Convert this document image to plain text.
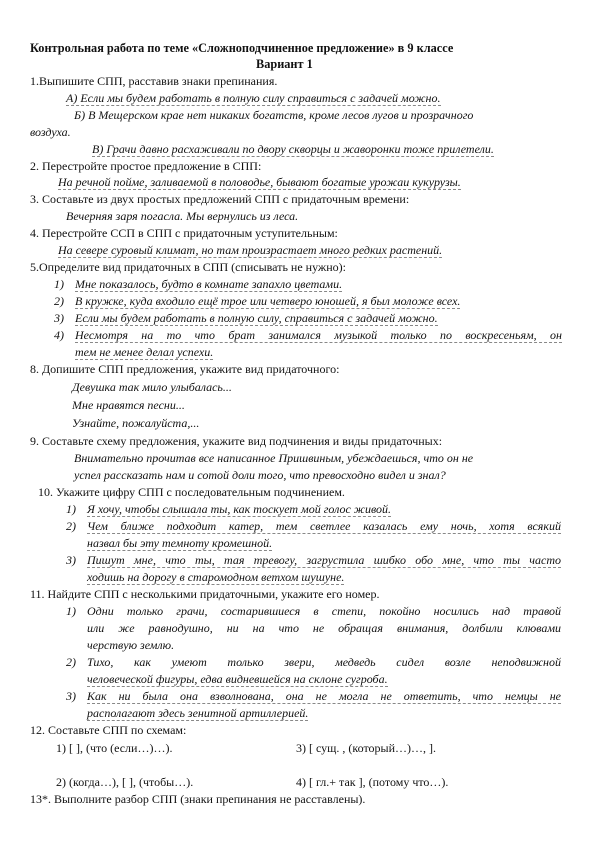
Контрольная работа по теме «Сложноподчиненное предложение» в 9 классе
Вариант 1
1.Выпишите СПП, расставив знаки препинания.
А) Если мы будем работать в полную силу справиться с задачей можно.
Б) В Мещерском крае нет никаких богатств, кроме лесов лугов и прозрачного
воздуха.
В) Грачи давно расхаживали по двору скворцы и жаворонки тоже прилетели.
2. Перестройте простое предложение в СПП:
На речной пойме, заливаемой в половодье, бывают богатые урожаи кукурузы.
3. Составьте из двух простых предложений СПП с придаточным времени:
Вечерняя заря погасла. Мы вернулись из леса.
4. Перестройте ССП в СПП с придаточным уступительным:
На севере суровый климат, но там произрастает много редких растений.
5.Определите вид придаточных в СПП (списывать не нужно):
1) Мне показалось, будто в комнате запахло цветами.
2) В кружке, куда входило ещё трое или четверо юношей, я был моложе всех.
3) Если мы будем работать в полную силу, справиться с задачей можно.
4) Несмотря на то что брат занимался музыкой только по воскресеньям, он
тем не менее делал успехи.
8. Допишите СПП предложения, укажите вид придаточного:
Девушка так мило улыбалась...
Мне нравятся песни...
Узнайте, пожалуйста,...
9. Составьте схему предложения, укажите вид подчинения и виды придаточных:
Внимательно прочитав все написанное Пришвиным, убеждаешься, что он не
успел рассказать нам и сотой доли того, что превосходно видел и знал?
10. Укажите цифру СПП с последовательным подчинением.
1) Я хочу, чтобы слышала ты, как тоскует мой голос живой.
2) Чем ближе подходит катер, тем светлее казалась ему ночь, хотя всякий
назвал бы эту темноту кромешной.
3) Пишут мне, что ты, тая тревогу, загрустила шибко обо мне, что ты часто
ходишь на дорогу в старомодном ветхом шушуне.
11. Найдите СПП с несколькими придаточными, укажите его номер.
1) Одни только грачи, состарившиеся в степи, покойно носились над травой
или же равнодушно, ни на что не обращая внимания, долбили клювами
черствую землю.
2) Тихо, как умеют только звери, медведь сидел возле неподвижной
человеческой фигуры, едва видневшейся на склоне сугроба.
3) Как ни была она взволнована, она не могла не ответить, что немцы не
располагают здесь зенитной артиллерией.
12. Составьте СПП по схемам:
1) [ ], (что (если…)…).	3) [ сущ. , (который…)…, ].
2) (когда…), [ ], (чтобы…).	4) [ гл.+ так ], (потому что…).
13*. Выполните разбор СПП (знаки препинания не расставлены).
